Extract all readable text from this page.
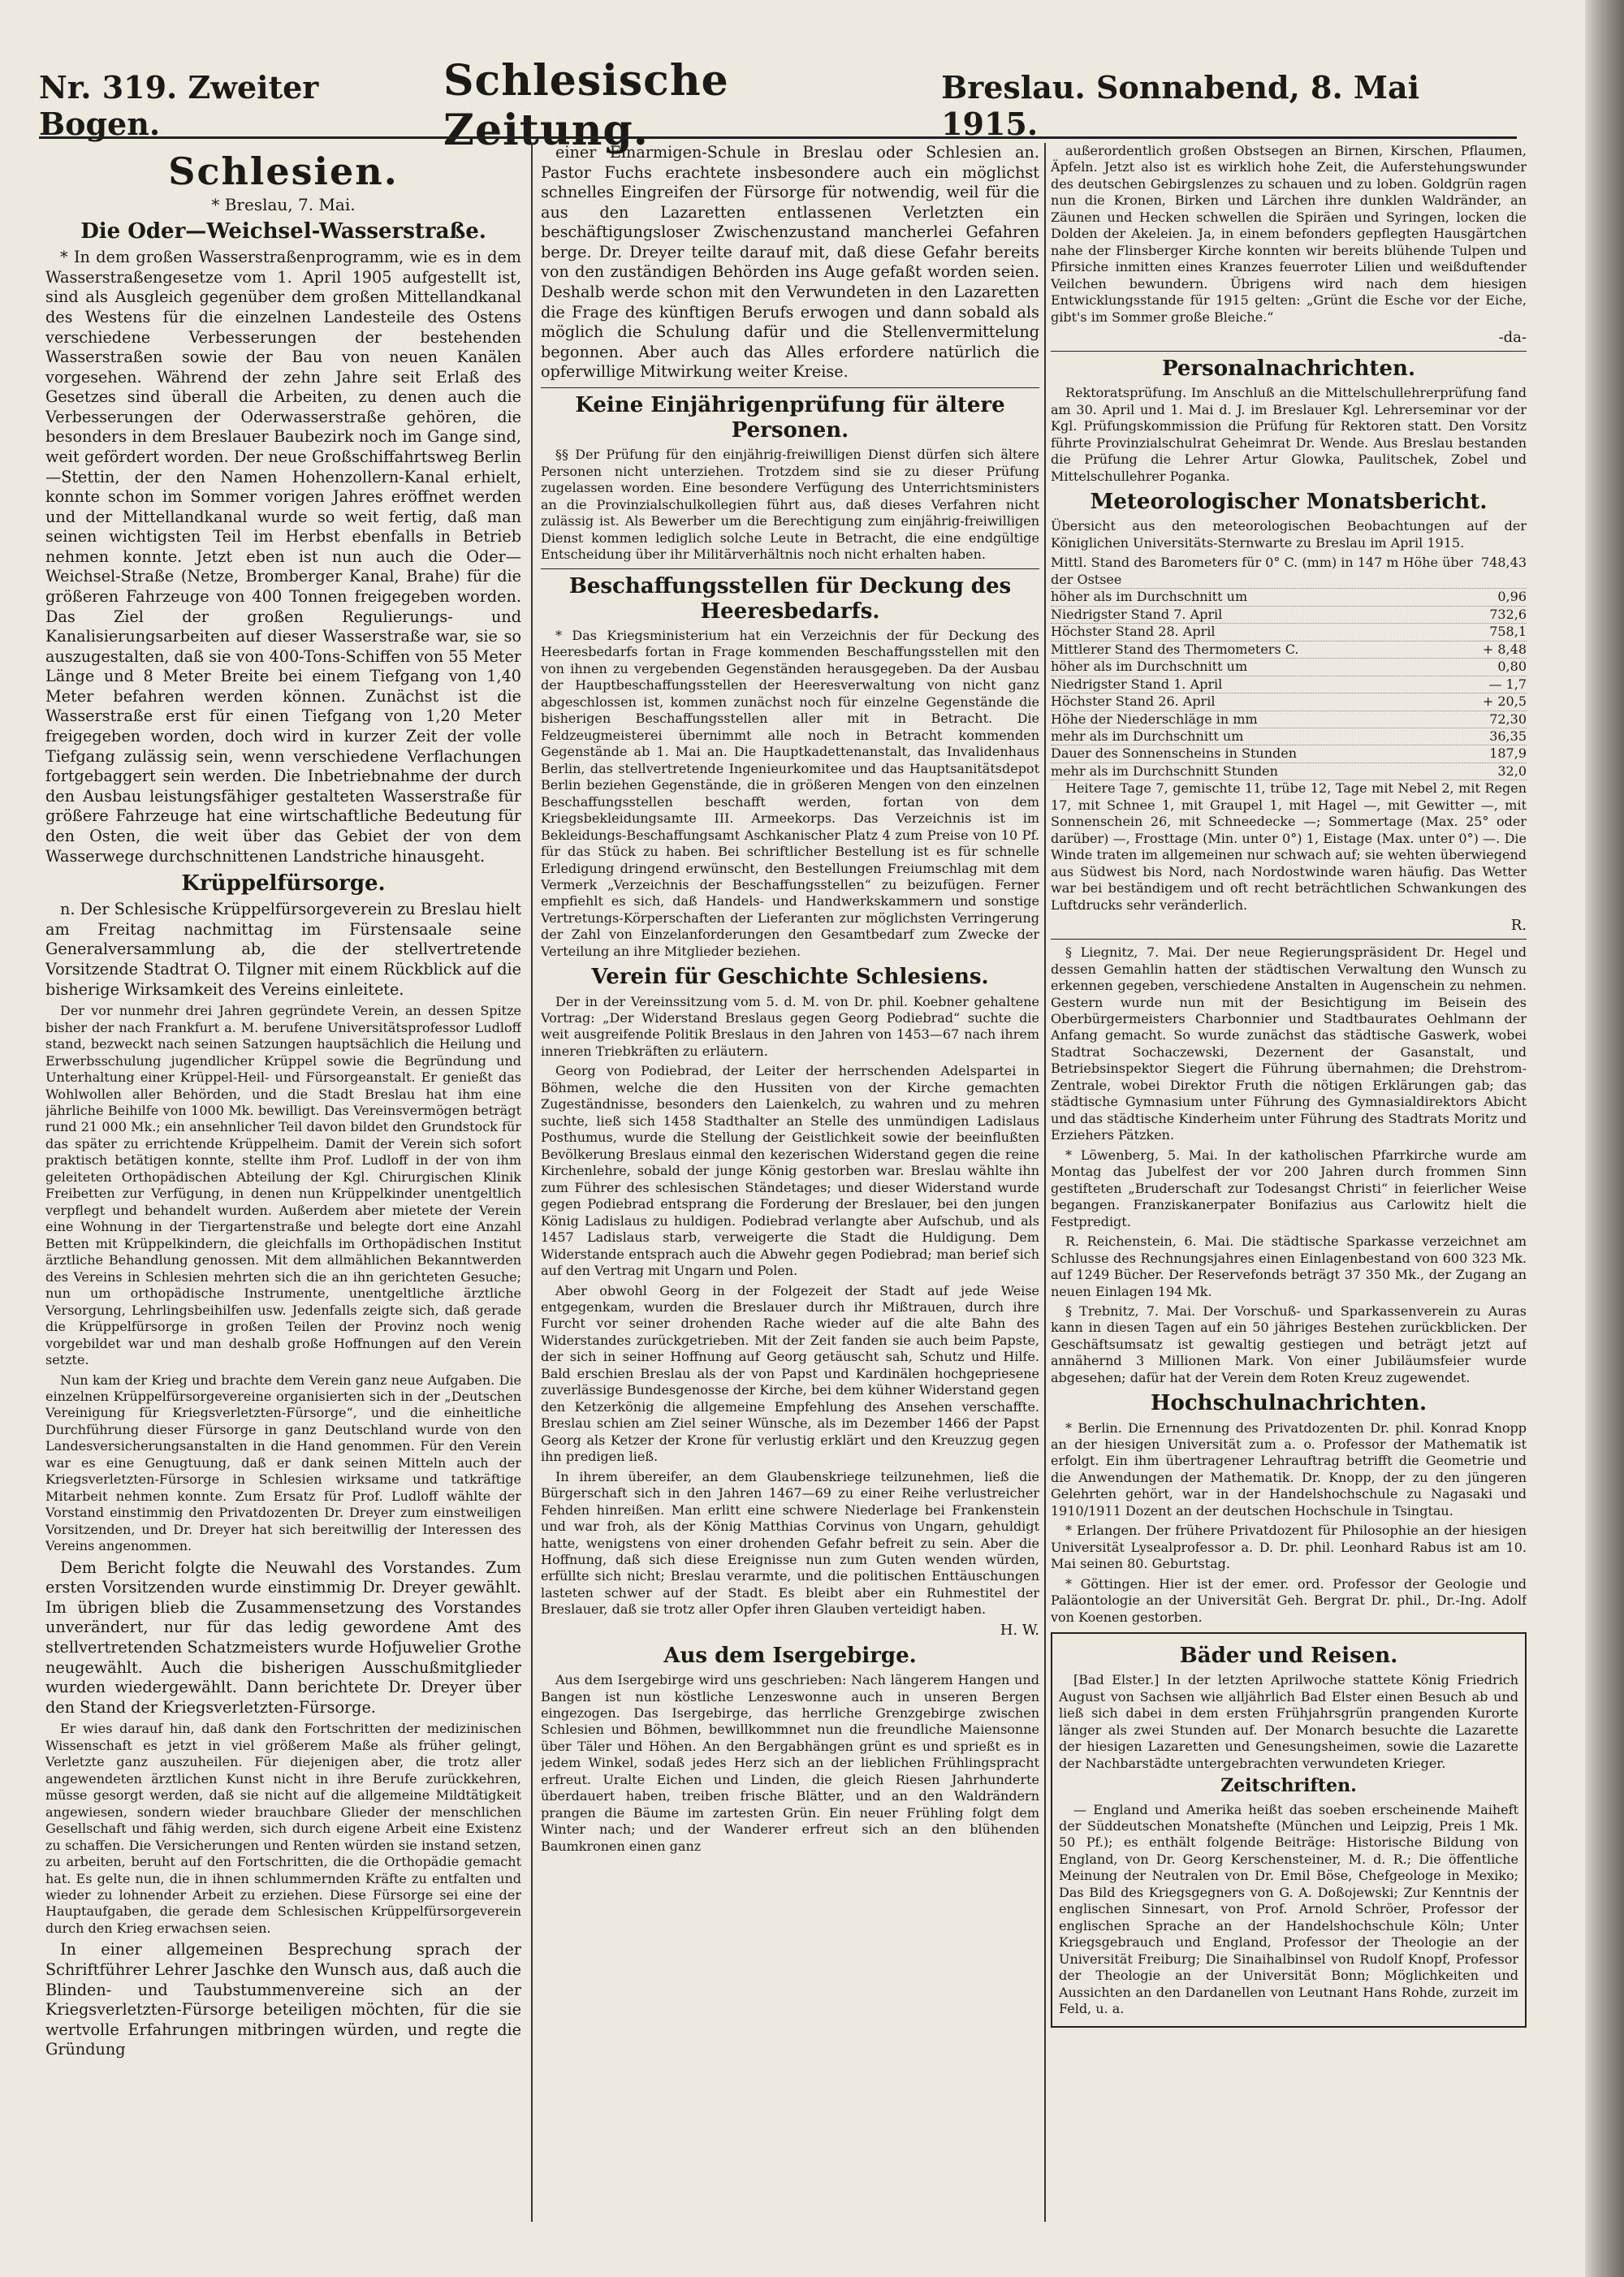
Nr. 319. Zweiter Bogen.
Schlesische Zeitung.
Breslau. Sonnabend, 8. Mai 1915.
Schlesien.
* Breslau, 7. Mai.
Die Oder—Weichsel-Wasserstraße.

* In dem großen Wasserstraßenprogramm, wie es in dem Wasserstraßengesetze vom 1. April 1905 aufgestellt ist, sind als Ausgleich gegenüber dem großen Mittellandkanal des Westens für die einzelnen Landesteile des Ostens verschiedene Verbesserungen der bestehenden Wasserstraßen sowie der Bau von neuen Kanälen vorgesehen. Während der zehn Jahre seit Erlaß des Gesetzes sind überall die Arbeiten, zu denen auch die Verbesserungen der Oderwasserstraße gehören, die besonders in dem Breslauer Baubezirk noch im Gange sind, weit gefördert worden. Der neue Großschiffahrtsweg Berlin—Stettin, der den Namen Hohenzollern-Kanal erhielt, konnte schon im Sommer vorigen Jahres eröffnet werden und der Mittellandkanal wurde so weit fertig, daß man seinen wichtigsten Teil im Herbst ebenfalls in Betrieb nehmen konnte. Jetzt eben ist nun auch die Oder—Weichsel-Straße (Netze, Bromberger Kanal, Brahe) für die größeren Fahrzeuge von 400 Tonnen freigegeben worden. Das Ziel der großen Regulierungs- und Kanalisierungsarbeiten auf dieser Wasserstraße war, sie so auszugestalten, daß sie von 400-Tons-Schiffen von 55 Meter Länge und 8 Meter Breite bei einem Tiefgang von 1,40 Meter befahren werden können. Zunächst ist die Wasserstraße erst für einen Tiefgang von 1,20 Meter freigegeben worden, doch wird in kurzer Zeit der volle Tiefgang zulässig sein, wenn verschiedene Verflachungen fortgebaggert sein werden. Die Inbetriebnahme der durch den Ausbau leistungsfähiger gestalteten Wasserstraße für größere Fahrzeuge hat eine wirtschaftliche Bedeutung für den Osten, die weit über das Gebiet der von dem Wasserwege durchschnittenen Landstriche hinausgeht.

Krüppelfürsorge.

n. Der Schlesische Krüppelfürsorgeverein zu Breslau hielt am Freitag nachmittag im Fürstensaale seine Generalversammlung ab, die der stellvertretende Vorsitzende Stadtrat O. Tilgner mit einem Rückblick auf die bisherige Wirksamkeit des Vereins einleitete.

Der vor nunmehr drei Jahren gegründete Verein, an dessen Spitze bisher der nach Frankfurt a. M. berufene Universitätsprofessor Ludloff stand, bezweckt nach seinen Satzungen hauptsächlich die Heilung und Erwerbsschulung jugendlicher Krüppel sowie die Begründung und Unterhaltung einer Krüppel-Heil- und Fürsorgeanstalt. Er genießt das Wohlwollen aller Behörden, und die Stadt Breslau hat ihm eine jährliche Beihilfe von 1000 Mk. bewilligt. Das Vereinsvermögen beträgt rund 21 000 Mk.; ein ansehnlicher Teil davon bildet den Grundstock für das später zu errichtende Krüppelheim. Damit der Verein sich sofort praktisch betätigen konnte, stellte ihm Prof. Ludloff in der von ihm geleiteten Orthopädischen Abteilung der Kgl. Chirurgischen Klinik Freibetten zur Verfügung, in denen nun Krüppelkinder unentgeltlich verpflegt und behandelt wurden. Außerdem aber mietete der Verein eine Wohnung in der Tiergartenstraße und belegte dort eine Anzahl Betten mit Krüppelkindern, die gleichfalls im Orthopädischen Institut ärztliche Behandlung genossen. Mit dem allmählichen Bekanntwerden des Vereins in Schlesien mehrten sich die an ihn gerichteten Gesuche; nun um orthopädische Instrumente, unentgeltliche ärztliche Versorgung, Lehrlingsbeihilfen usw. Jedenfalls zeigte sich, daß gerade die Krüppelfürsorge in großen Teilen der Provinz noch wenig vorgebildet war und man deshalb große Hoffnungen auf den Verein setzte.

Nun kam der Krieg und brachte dem Verein ganz neue Aufgaben. Die einzelnen Krüppelfürsorgevereine organisierten sich in der „Deutschen Vereinigung für Kriegsverletzten-Fürsorge“, und die einheitliche Durchführung dieser Fürsorge in ganz Deutschland wurde von den Landesversicherungsanstalten in die Hand genommen. Für den Verein war es eine Genugtuung, daß er dank seinen Mitteln auch der Kriegsverletzten-Fürsorge in Schlesien wirksame und tatkräftige Mitarbeit nehmen konnte. Zum Ersatz für Prof. Ludloff wählte der Vorstand einstimmig den Privatdozenten Dr. Dreyer zum einstweiligen Vorsitzenden, und Dr. Dreyer hat sich bereitwillig der Interessen des Vereins angenommen.

Dem Bericht folgte die Neuwahl des Vorstandes. Zum ersten Vorsitzenden wurde einstimmig Dr. Dreyer gewählt. Im übrigen blieb die Zusammensetzung des Vorstandes unverändert, nur für das ledig gewordene Amt des stellvertretenden Schatzmeisters wurde Hofjuwelier Grothe neugewählt. Auch die bisherigen Ausschußmitglieder wurden wiedergewählt. Dann berichtete Dr. Dreyer über den Stand der Kriegsverletzten-Fürsorge.

Er wies darauf hin, daß dank den Fortschritten der medizinischen Wissenschaft es jetzt in viel größerem Maße als früher gelingt, Verletzte ganz auszuheilen. Für diejenigen aber, die trotz aller angewendeten ärztlichen Kunst nicht in ihre Berufe zurückkehren, müsse gesorgt werden, daß sie nicht auf die allgemeine Mildtätigkeit angewiesen, sondern wieder brauchbare Glieder der menschlichen Gesellschaft und fähig werden, sich durch eigene Arbeit eine Existenz zu schaffen. Die Versicherungen und Renten würden sie instand setzen, zu arbeiten, beruht auf den Fortschritten, die die Orthopädie gemacht hat. Es gelte nun, die in ihnen schlummernden Kräfte zu entfalten und wieder zu lohnender Arbeit zu erziehen. Diese Fürsorge sei eine der Hauptaufgaben, die gerade dem Schlesischen Krüppelfürsorgeverein durch den Krieg erwachsen seien.

In einer allgemeinen Besprechung sprach der Schriftführer Lehrer Jaschke den Wunsch aus, daß auch die Blinden- und Taubstummenvereine sich an der Kriegsverletzten-Fürsorge beteiligen möchten, für die sie wertvolle Erfahrungen mitbringen würden, und regte die Gründung

einer Einarmigen-Schule in Breslau oder Schlesien an. Pastor Fuchs erachtete insbesondere auch ein möglichst schnelles Eingreifen der Fürsorge für notwendig, weil für die aus den Lazaretten entlassenen Verletzten ein beschäftigungsloser Zwischenzustand mancherlei Gefahren berge. Dr. Dreyer teilte darauf mit, daß diese Gefahr bereits von den zuständigen Behörden ins Auge gefaßt worden seien. Deshalb werde schon mit den Verwundeten in den Lazaretten die Frage des künftigen Berufs erwogen und dann sobald als möglich die Schulung dafür und die Stellenvermittelung begonnen. Aber auch das Alles erfordere natürlich die opferwillige Mitwirkung weiter Kreise.

Keine Einjährigenprüfung für ältere Personen.

§§ Der Prüfung für den einjährig-freiwilligen Dienst dürfen sich ältere Personen nicht unterziehen. Trotzdem sind sie zu dieser Prüfung zugelassen worden. Eine besondere Verfügung des Unterrichtsministers an die Provinzialschulkollegien führt aus, daß dieses Verfahren nicht zulässig ist. Als Bewerber um die Berechtigung zum einjährig-freiwilligen Dienst kommen lediglich solche Leute in Betracht, die eine endgültige Entscheidung über ihr Militärverhältnis noch nicht erhalten haben.

Beschaffungsstellen für Deckung des Heeresbedarfs.

* Das Kriegsministerium hat ein Verzeichnis der für Deckung des Heeresbedarfs fortan in Frage kommenden Beschaffungsstellen mit den von ihnen zu vergebenden Gegenständen herausgegeben. Da der Ausbau der Hauptbeschaffungsstellen der Heeresverwaltung von nicht ganz abgeschlossen ist, kommen zunächst noch für einzelne Gegenstände die bisherigen Beschaffungsstellen aller mit in Betracht. Die Feldzeugmeisterei übernimmt alle noch in Betracht kommenden Gegenstände ab 1. Mai an. Die Hauptkadettenanstalt, das Invalidenhaus Berlin, das stellvertretende Ingenieurkomitee und das Hauptsanitätsdepot Berlin beziehen Gegenstände, die in größeren Mengen von den einzelnen Beschaffungsstellen beschafft werden, fortan von dem Kriegsbekleidungsamte III. Armeekorps. Das Verzeichnis ist im Bekleidungs-Beschaffungsamt Aschkanischer Platz 4 zum Preise von 10 Pf. für das Stück zu haben. Bei schriftlicher Bestellung ist es für schnelle Erledigung dringend erwünscht, den Bestellungen Freiumschlag mit dem Vermerk „Verzeichnis der Beschaffungsstellen“ zu beizufügen. Ferner empfiehlt es sich, daß Handels- und Handwerkskammern und sonstige Vertretungs-Körperschaften der Lieferanten zur möglichsten Verringerung der Zahl von Einzelanforderungen den Gesamtbedarf zum Zwecke der Verteilung an ihre Mitglieder beziehen.

Verein für Geschichte Schlesiens.

Der in der Vereinssitzung vom 5. d. M. von Dr. phil. Koebner gehaltene Vortrag: „Der Widerstand Breslaus gegen Georg Podiebrad“ suchte die weit ausgreifende Politik Breslaus in den Jahren von 1453—67 nach ihrem inneren Triebkräften zu erläutern.

Georg von Podiebrad, der Leiter der herrschenden Adelspartei in Böhmen, welche die den Hussiten von der Kirche gemachten Zugeständnisse, besonders den Laienkelch, zu wahren und zu mehren suchte, ließ sich 1458 Stadthalter an Stelle des unmündigen Ladislaus Posthumus, wurde die Stellung der Geistlichkeit sowie der beeinflußten Bevölkerung Breslaus einmal den kezerischen Widerstand gegen die reine Kirchenlehre, sobald der junge König gestorben war. Breslau wählte ihn zum Führer des schlesischen Ständetages; und dieser Widerstand wurde gegen Podiebrad entsprang die Forderung der Breslauer, bei den jungen König Ladislaus zu huldigen. Podiebrad verlangte aber Aufschub, und als 1457 Ladislaus starb, verweigerte die Stadt die Huldigung. Dem Widerstande entsprach auch die Abwehr gegen Podiebrad; man berief sich auf den Vertrag mit Ungarn und Polen.

Aber obwohl Georg in der Folgezeit der Stadt auf jede Weise entgegenkam, wurden die Breslauer durch ihr Mißtrauen, durch ihre Furcht vor seiner drohenden Rache wieder auf die alte Bahn des Widerstandes zurückgetrieben. Mit der Zeit fanden sie auch beim Papste, der sich in seiner Hoffnung auf Georg getäuscht sah, Schutz und Hilfe. Bald erschien Breslau als der von Papst und Kardinälen hochgepriesene zuverlässige Bundesgenosse der Kirche, bei dem kühner Widerstand gegen den Ketzerkönig die allgemeine Empfehlung des Ansehen verschaffte. Breslau schien am Ziel seiner Wünsche, als im Dezember 1466 der Papst Georg als Ketzer der Krone für verlustig erklärt und den Kreuzzug gegen ihn predigen ließ.

In ihrem übereifer, an dem Glaubenskriege teilzunehmen, ließ die Bürgerschaft sich in den Jahren 1467—69 zu einer Reihe verlustreicher Fehden hinreißen. Man erlitt eine schwere Niederlage bei Frankenstein und war froh, als der König Matthias Corvinus von Ungarn, gehuldigt hatte, wenigstens von einer drohenden Gefahr befreit zu sein. Aber die Hoffnung, daß sich diese Ereignisse nun zum Guten wenden würden, erfüllte sich nicht; Breslau verarmte, und die politischen Enttäuschungen lasteten schwer auf der Stadt. Es bleibt aber ein Ruhmestitel der Breslauer, daß sie trotz aller Opfer ihren Glauben verteidigt haben.

H. W.
Aus dem Isergebirge.

Aus dem Isergebirge wird uns geschrieben: Nach längerem Hangen und Bangen ist nun köstliche Lenzeswonne auch in unseren Bergen eingezogen. Das Isergebirge, das herrliche Grenzgebirge zwischen Schlesien und Böhmen, bewillkommnet nun die freundliche Maiensonne über Täler und Höhen. An den Bergabhängen grünt es und sprießt es in jedem Winkel, sodaß jedes Herz sich an der lieblichen Frühlingspracht erfreut. Uralte Eichen und Linden, die gleich Riesen Jahrhunderte überdauert haben, treiben frische Blätter, und an den Waldrändern prangen die Bäume im zartesten Grün. Ein neuer Frühling folgt dem Winter nach; und der Wanderer erfreut sich an den blühenden Baumkronen einen ganz

außerordentlich großen Obstsegen an Birnen, Kirschen, Pflaumen, Äpfeln. Jetzt also ist es wirklich hohe Zeit, die Auferstehungswunder des deutschen Gebirgslenzes zu schauen und zu loben. Goldgrün ragen nun die Kronen, Birken und Lärchen ihre dunklen Waldränder, an Zäunen und Hecken schwellen die Spiräen und Syringen, locken die Dolden der Akeleien. Ja, in einem befonders gepflegten Hausgärtchen nahe der Flinsberger Kirche konnten wir bereits blühende Tulpen und Pfirsiche inmitten eines Kranzes feuerroter Lilien und weißduftender Veilchen bewundern. Übrigens wird nach dem hiesigen Entwicklungsstande für 1915 gelten: „Grünt die Esche vor der Eiche, gibt's im Sommer große Bleiche.“

-da-
Personalnachrichten.

Rektoratsprüfung. Im Anschluß an die Mittelschullehrerprüfung fand am 30. April und 1. Mai d. J. im Breslauer Kgl. Lehrerseminar vor der Kgl. Prüfungskommission die Prüfung für Rektoren statt. Den Vorsitz führte Provinzialschulrat Geheimrat Dr. Wende. Aus Breslau bestanden die Prüfung die Lehrer Artur Glowka, Paulitschek, Zobel und Mittelschullehrer Poganka.

Meteorologischer Monatsbericht.
Übersicht aus den meteorologischen Beobachtungen auf der Königlichen Universitäts-Sternwarte zu Breslau im April 1915.
Mittl. Stand des Barometers für 0° C. (mm) in 147 m Höhe über der Ostsee
748,43
höher als im Durchschnitt um	0,96
Niedrigster Stand 7. April	732,6
Höchster Stand 28. April	758,1
Mittlerer Stand des Thermometers C.	+ 8,48
höher als im Durchschnitt um	0,80
Niedrigster Stand 1. April	— 1,7
Höchster Stand 26. April	+ 20,5
Höhe der Niederschläge in mm	72,30
mehr als im Durchschnitt um	36,35
Dauer des Sonnenscheins in Stunden	187,9
mehr als im Durchschnitt Stunden	32,0

Heitere Tage 7, gemischte 11, trübe 12, Tage mit Nebel 2, mit Regen 17, mit Schnee 1, mit Graupel 1, mit Hagel —, mit Gewitter —, mit Sonnenschein 26, mit Schneedecke —; Sommertage (Max. 25° oder darüber) —, Frosttage (Min. unter 0°) 1, Eistage (Max. unter 0°) —. Die Winde traten im allgemeinen nur schwach auf; sie wehten überwiegend aus Südwest bis Nord, nach Nordostwinde waren häufig. Das Wetter war bei beständigem und oft recht beträchtlichen Schwankungen des Luftdrucks sehr veränderlich.

R.

§ Liegnitz, 7. Mai. Der neue Regierungspräsident Dr. Hegel und dessen Gemahlin hatten der städtischen Verwaltung den Wunsch zu erkennen gegeben, verschiedene Anstalten in Augenschein zu nehmen. Gestern wurde nun mit der Besichtigung im Beisein des Oberbürgermeisters Charbonnier und Stadtbaurates Oehlmann der Anfang gemacht. So wurde zunächst das städtische Gaswerk, wobei Stadtrat Sochaczewski, Dezernent der Gasanstalt, und Betriebsinspektor Siegert die Führung übernahmen; die Drehstrom-Zentrale, wobei Direktor Fruth die nötigen Erklärungen gab; das städtische Gymnasium unter Führung des Gymnasialdirektors Abicht und das städtische Kinderheim unter Führung des Stadtrats Moritz und Erziehers Pätzken.

* Löwenberg, 5. Mai. In der katholischen Pfarrkirche wurde am Montag das Jubelfest der vor 200 Jahren durch frommen Sinn gestifteten „Bruderschaft zur Todesangst Christi“ in feierlicher Weise begangen. Franziskanerpater Bonifazius aus Carlowitz hielt die Festpredigt.

R. Reichenstein, 6. Mai. Die städtische Sparkasse verzeichnet am Schlusse des Rechnungsjahres einen Einlagenbestand von 600 323 Mk. auf 1249 Bücher. Der Reservefonds beträgt 37 350 Mk., der Zugang an neuen Einlagen 194 Mk.

§ Trebnitz, 7. Mai. Der Vorschuß- und Sparkassenverein zu Auras kann in diesen Tagen auf ein 50 jähriges Bestehen zurückblicken. Der Geschäftsumsatz ist gewaltig gestiegen und beträgt jetzt auf annähernd 3 Millionen Mark. Von einer Jubiläumsfeier wurde abgesehen; dafür hat der Verein dem Roten Kreuz zugewendet.

Hochschulnachrichten.

* Berlin. Die Ernennung des Privatdozenten Dr. phil. Konrad Knopp an der hiesigen Universität zum a. o. Professor der Mathematik ist erfolgt. Ein ihm übertragener Lehrauftrag betrifft die Geometrie und die Anwendungen der Mathematik. Dr. Knopp, der zu den jüngeren Gelehrten gehört, war in der Handelshochschule zu Nagasaki und 1910/1911 Dozent an der deutschen Hochschule in Tsingtau.

* Erlangen. Der frühere Privatdozent für Philosophie an der hiesigen Universität Lysealprofessor a. D. Dr. phil. Leonhard Rabus ist am 10. Mai seinen 80. Geburtstag.

* Göttingen. Hier ist der emer. ord. Professor der Geologie und Paläontologie an der Universität Geh. Bergrat Dr. phil., Dr.-Ing. Adolf von Koenen gestorben.

Bäder und Reisen.

[Bad Elster.] In der letzten Aprilwoche stattete König Friedrich August von Sachsen wie alljährlich Bad Elster einen Besuch ab und ließ sich dabei in dem ersten Frühjahrsgrün prangenden Kurorte länger als zwei Stunden auf. Der Monarch besuchte die Lazarette der hiesigen Lazaretten und Genesungsheimen, sowie die Lazarette der Nachbarstädte untergebrachten verwundeten Krieger.

Zeitschriften.

— England und Amerika heißt das soeben erscheinende Maiheft der Süddeutschen Monatshefte (München und Leipzig, Preis 1 Mk. 50 Pf.); es enthält folgende Beiträge: Historische Bildung von England, von Dr. Georg Kerschensteiner, M. d. R.; Die öffentliche Meinung der Neutralen von Dr. Emil Böse, Chefgeologe in Mexiko; Das Bild des Kriegsgegners von G. A. Doßojewski; Zur Kenntnis der englischen Sinnesart, von Prof. Arnold Schröer, Professor der englischen Sprache an der Handelshochschule Köln; Unter Kriegsgebrauch und England, Professor der Theologie an der Universität Freiburg; Die Sinaihalbinsel von Rudolf Knopf, Professor der Theologie an der Universität Bonn; Möglichkeiten und Aussichten an den Dardanellen von Leutnant Hans Rohde, zurzeit im Feld, u. a.
